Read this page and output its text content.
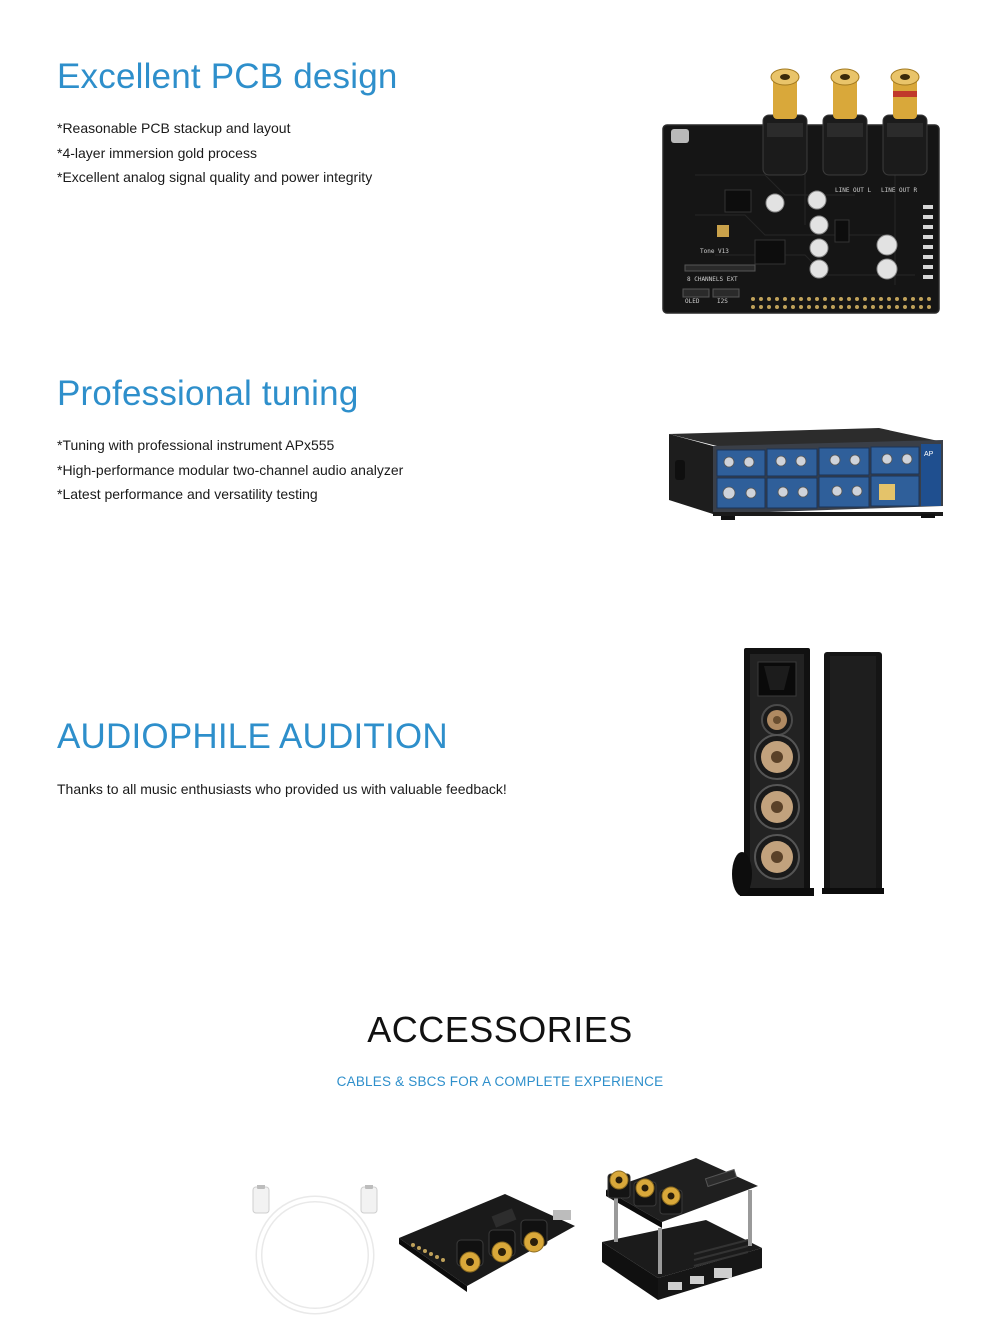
Excellent PCB design
*Reasonable PCB stackup and layout
*4-layer immersion gold process
*Excellent analog signal quality and power integrity
Tone V13
8 CHANNELS EXT
OLED	I2S
LINE OUT L LINE OUT R
Professional tuning
*Tuning with professional instrument APx555
*High-performance modular two-channel audio analyzer
*Latest performance and versatility testing
AP
AUDIOPHILE AUDITION

Thanks to all music enthusiasts who provided us with valuable feedback!

ACCESSORIES
CABLES & SBCS FOR A COMPLETE EXPERIENCE
